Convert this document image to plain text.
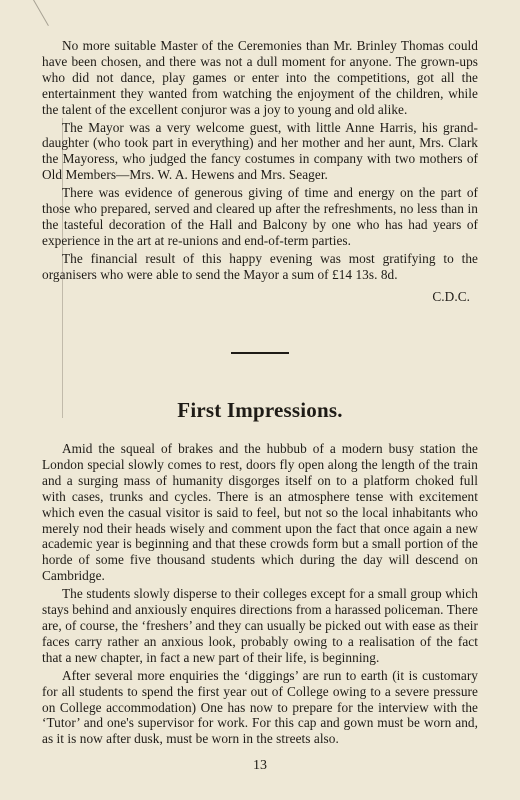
No more suitable Master of the Ceremonies than Mr. Brinley Thomas could have been chosen, and there was not a dull moment for anyone. The grown-ups who did not dance, play games or enter into the competitions, got all the entertainment they wanted from watching the enjoyment of the children, while the talent of the excellent conjuror was a joy to young and old alike.

The Mayor was a very welcome guest, with little Anne Harris, his grand-daughter (who took part in everything) and her mother and her aunt, Mrs. Clark the Mayoress, who judged the fancy costumes in company with two mothers of Old Members—Mrs. W. A. Hewens and Mrs. Seager.

There was evidence of generous giving of time and energy on the part of those who prepared, served and cleared up after the refreshments, no less than in the tasteful decoration of the Hall and Balcony by one who has had years of experience in the art at re-unions and end-of-term parties.

The financial result of this happy evening was most gratifying to the organisers who were able to send the Mayor a sum of £14 13s. 8d.

C.D.C.
First Impressions.

Amid the squeal of brakes and the hubbub of a modern busy station the London special slowly comes to rest, doors fly open along the length of the train and a surging mass of humanity disgorges itself on to a platform choked full with cases, trunks and cycles. There is an atmosphere tense with excitement which even the casual visitor is said to feel, but not so the local inhabitants who merely nod their heads wisely and comment upon the fact that once again a new academic year is beginning and that these crowds form but a small portion of the horde of some five thousand students which during the day will descend on Cambridge.

The students slowly disperse to their colleges except for a small group which stays behind and anxiously enquires directions from a harassed policeman. There are, of course, the ‘freshers’ and they can usually be picked out with ease as their faces carry rather an anxious look, probably owing to a realisation of the fact that a new chapter, in fact a new part of their life, is beginning.

After several more enquiries the ‘diggings’ are run to earth (it is customary for all students to spend the first year out of College owing to a severe pressure on College accommodation) One has now to prepare for the interview with the ‘Tutor’ and one's supervisor for work. For this cap and gown must be worn and, as it is now after dusk, must be worn in the streets also.

13
